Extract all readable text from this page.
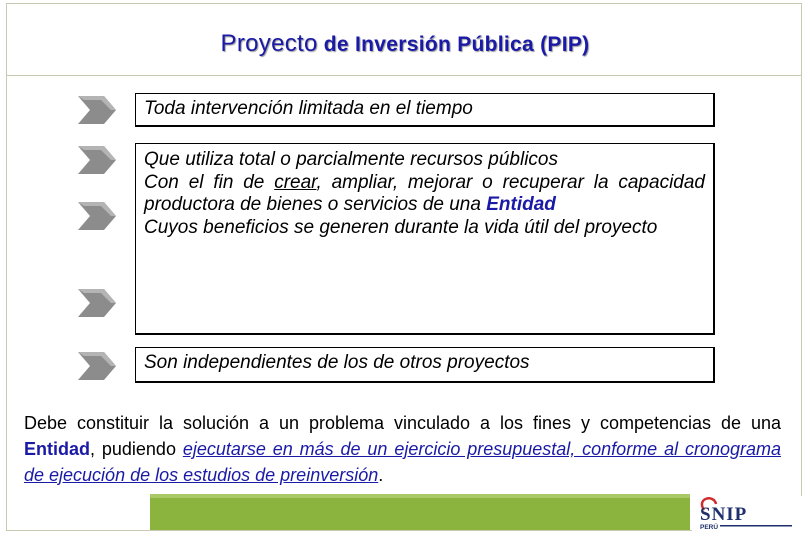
Proyecto de Inversión Pública (PIP)

Toda intervención limitada en el tiempo

Que utiliza total o parcialmente recursos públicos

Con el fin de crear, ampliar, mejorar o recuperar la capacidad productora de bienes o servicios de una Entidad

Cuyos beneficios se generen durante la vida útil del proyecto

Son independientes de los de otros proyectos

Debe constituir la solución a un problema vinculado a los fines y competencias de una Entidad, pudiendo ejecutarse en más de un ejercicio presupuestal, conforme al cronograma de ejecución de los estudios de preinversión.
SNIP
PERÚ
